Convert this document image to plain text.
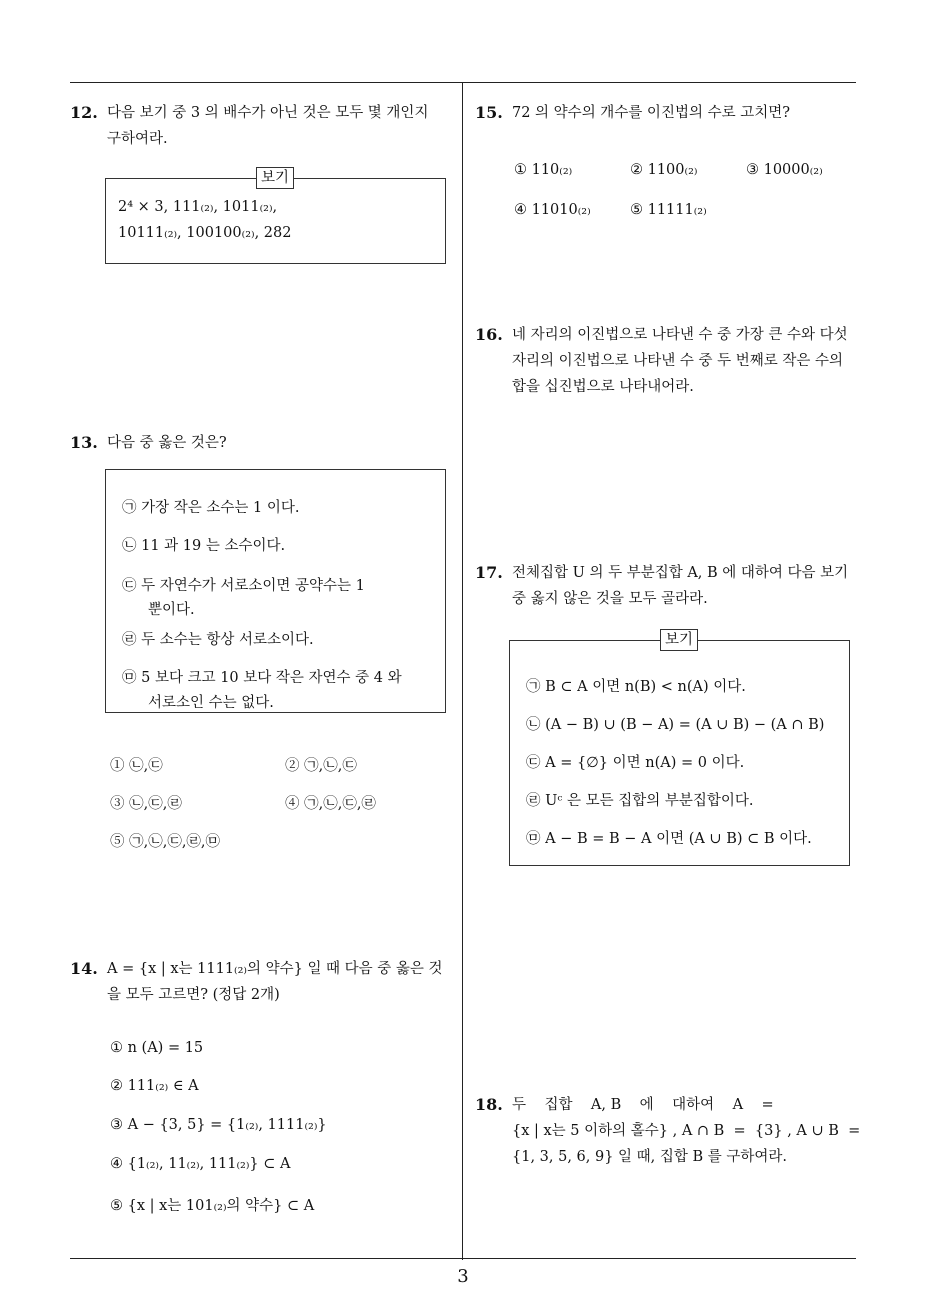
12. 다음 보기 중 3 의 배수가 아닌 것은 모두 몇 개인지
구하여라.
보기
2⁴ × 3, 111₍₂₎, 1011₍₂₎,
10111₍₂₎, 100100₍₂₎, 282
13. 다음 중 옳은 것은?
㉠ 가장 작은 소수는 1 이다.
㉡ 11 과 19 는 소수이다.
㉢ 두 자연수가 서로소이면 공약수는 1
뿐이다.
㉣ 두 소수는 항상 서로소이다.
㉤ 5 보다 크고 10 보다 작은 자연수 중 4 와
서로소인 수는 없다.
① ㉡,㉢	② ㉠,㉡,㉢
③ ㉡,㉢,㉣	④ ㉠,㉡,㉢,㉣
⑤ ㉠,㉡,㉢,㉣,㉤
14. A = {x | x는 1111₍₂₎의 약수} 일 때 다음 중 옳은 것
을 모두 고르면? (정답 2개)
① n (A) = 15
② 111₍₂₎ ∈ A
③ A − {3, 5} = {1₍₂₎, 1111₍₂₎}
④ {1₍₂₎, 11₍₂₎, 111₍₂₎} ⊂ A
⑤ {x | x는 101₍₂₎의 약수} ⊂ A
15. 72 의 약수의 개수를 이진법의 수로 고치면?
① 110₍₂₎	② 1100₍₂₎	③ 10000₍₂₎
④ 11010₍₂₎	⑤ 11111₍₂₎
16. 네 자리의 이진법으로 나타낸 수 중 가장 큰 수와 다섯
자리의 이진법으로 나타낸 수 중 두 번째로 작은 수의
합을 십진법으로 나타내어라.
17. 전체집합 U 의 두 부분집합 A, B 에 대하여 다음 보기
중 옳지 않은 것을 모두 골라라.
보기
㉠ B ⊂ A 이면 n(B) < n(A) 이다.
㉡ (A − B) ∪ (B − A) = (A ∪ B) − (A ∩ B)
㉢ A = {∅} 이면 n(A) = 0 이다.
㉣ Uᶜ 은 모든 집합의 부분집합이다.
㉤ A − B = B − A 이면 (A ∪ B) ⊂ B 이다.
18. 두    집합    A, B    에    대하여    A    =
{x | x는 5 이하의 홀수} , A ∩ B  =  {3} , A ∪ B  =
{1, 3, 5, 6, 9} 일 때, 집합 B 를 구하여라.
3
